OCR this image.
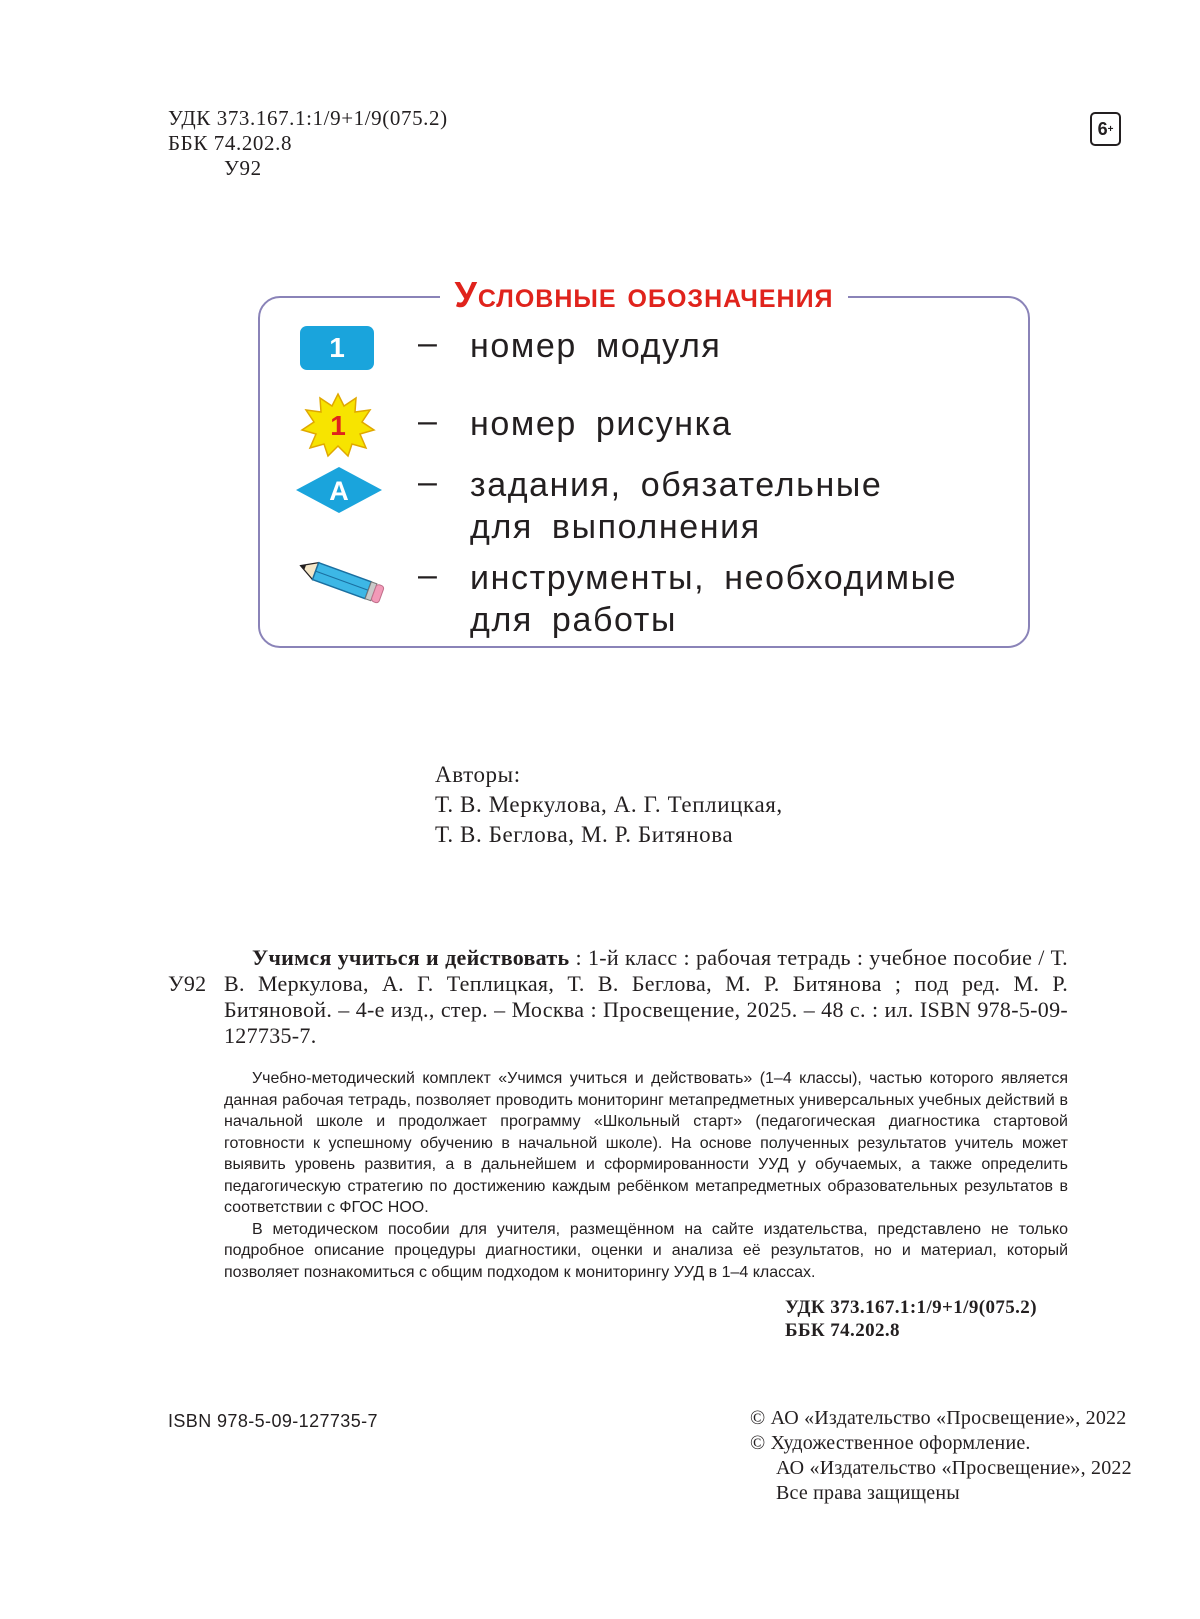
УДК 373.167.1:1/9+1/9(075.2)
ББК 74.202.8
У92
6 +
Условные обозначения
1 – номер модуля
1 – номер рисунка
А – задания, обязательные
для выполнения
– инструменты, необходимые
для работы
Авторы:
Т. В. Меркулова, А. Г. Теплицкая,
Т. В. Беглова, М. Р. Битянова
У92
Учимся учиться и действовать : 1-й класс : рабочая тетрадь : учебное пособие / Т. В. Меркулова, А. Г. Теплицкая, Т. В. Беглова, М. Р. Битянова ; под ред. М. Р. Битяновой. – 4-е изд., стер. – Москва : Просвещение, 2025. – 48 с. : ил. ISBN 978-5-09-127735-7.

Учебно-методический комплект «Учимся учиться и действовать» (1–4 классы), частью которого является данная рабочая тетрадь, позволяет проводить мониторинг метапредметных универсальных учебных действий в начальной школе и продолжает программу «Школьный старт» (педагогическая диагностика стартовой готовности к успешному обучению в начальной школе). На основе полученных результатов учитель может выявить уровень развития, а в дальнейшем и сформированности УУД у обучаемых, а также определить педагогическую стратегию по достижению каждым ребёнком метапредметных образовательных результатов в соответствии с ФГОС НОО.

В методическом пособии для учителя, размещённом на сайте издательства, представлено не только подробное описание процедуры диагностики, оценки и анализа её результатов, но и материал, который позволяет познакомиться с общим подходом к мониторингу УУД в 1–4 классах.

УДК 373.167.1:1/9+1/9(075.2)
ББК 74.202.8
ISBN 978-5-09-127735-7	© АО «Издательство «Просвещение», 2022
© Художественное оформление.
АО «Издательство «Просвещение», 2022
Все права защищены
